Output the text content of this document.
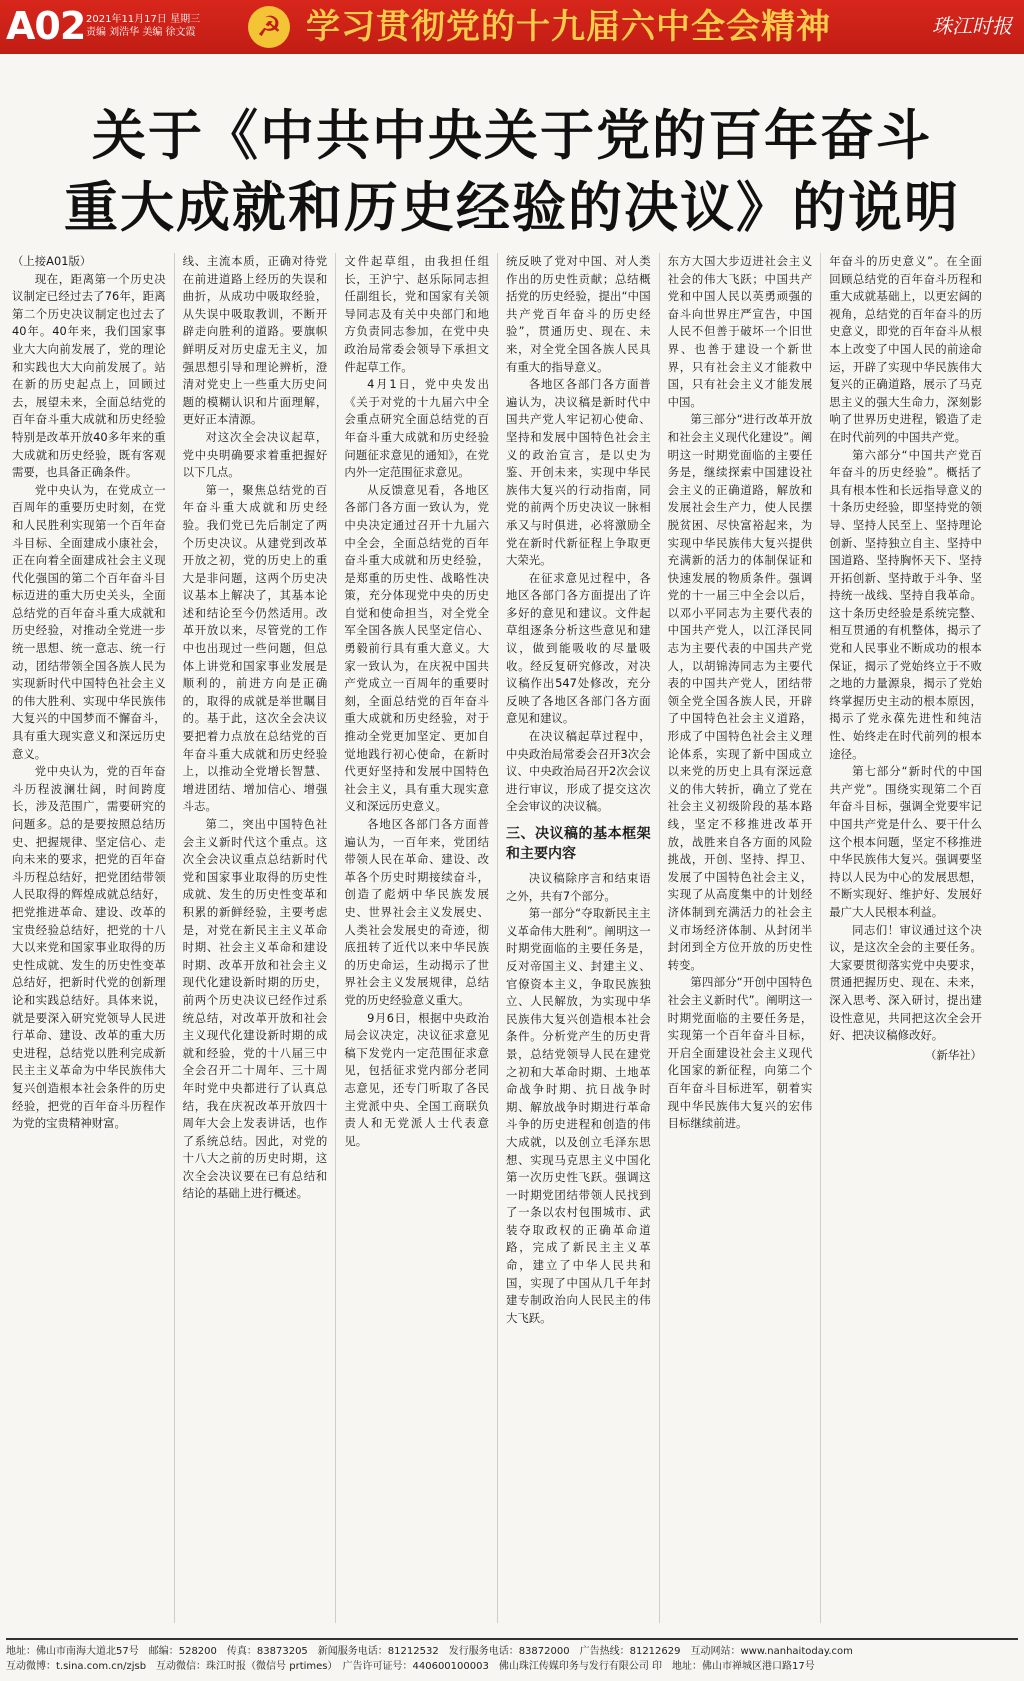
A02 2021年11月17日 星期三
责编 刘浩华 美编 徐文霞	☭ 学习贯彻党的十九届六中全会精神	珠江时报
关于《中共中央关于党的百年奋斗
重大成就和历史经验的决议》的说明

（上接A01版）

现在，距离第一个历史决议制定已经过去了76年，距离第二个历史决议制定也过去了40年。40年来，我们国家事业大大向前发展了，党的理论和实践也大大向前发展了。站在新的历史起点上，回顾过去，展望未来，全面总结党的百年奋斗重大成就和历史经验特别是改革开放40多年来的重大成就和历史经验，既有客观需要，也具备正确条件。

党中央认为，在党成立一百周年的重要历史时刻，在党和人民胜利实现第一个百年奋斗目标、全面建成小康社会，正在向着全面建成社会主义现代化强国的第二个百年奋斗目标迈进的重大历史关头，全面总结党的百年奋斗重大成就和历史经验，对推动全党进一步统一思想、统一意志、统一行动，团结带领全国各族人民为实现新时代中国特色社会主义的伟大胜利、实现中华民族伟大复兴的中国梦而不懈奋斗，具有重大现实意义和深远历史意义。

党中央认为，党的百年奋斗历程波澜壮阔，时间跨度长，涉及范围广，需要研究的问题多。总的是要按照总结历史、把握规律、坚定信心、走向未来的要求，把党的百年奋斗历程总结好，把党团结带领人民取得的辉煌成就总结好，把党推进革命、建设、改革的宝贵经验总结好，把党的十八大以来党和国家事业取得的历史性成就、发生的历史性变革总结好，把新时代党的创新理论和实践总结好。具体来说，就是要深入研究党领导人民进行革命、建设、改革的重大历史进程，总结党以胜利完成新民主主义革命为中华民族伟大复兴创造根本社会条件的历史经验，把党的百年奋斗历程作为党的宝贵精神财富。

线、主流本质，正确对待党在前进道路上经历的失误和曲折，从成功中吸取经验，从失误中吸取教训，不断开辟走向胜利的道路。要旗帜鲜明反对历史虚无主义，加强思想引导和理论辨析，澄清对党史上一些重大历史问题的模糊认识和片面理解，更好正本清源。

对这次全会决议起草，党中央明确要求着重把握好以下几点。

第一，聚焦总结党的百年奋斗重大成就和历史经验。我们党已先后制定了两个历史决议。从建党到改革开放之初，党的历史上的重大是非问题，这两个历史决议基本上解决了，其基本论述和结论至今仍然适用。改革开放以来，尽管党的工作中也出现过一些问题，但总体上讲党和国家事业发展是顺利的，前进方向是正确的，取得的成就是举世瞩目的。基于此，这次全会决议要把着力点放在总结党的百年奋斗重大成就和历史经验上，以推动全党增长智慧、增进团结、增加信心、增强斗志。

第二，突出中国特色社会主义新时代这个重点。这次全会决议重点总结新时代党和国家事业取得的历史性成就、发生的历史性变革和积累的新鲜经验，主要考虑是，对党在新民主主义革命时期、社会主义革命和建设时期、改革开放和社会主义现代化建设新时期的历史，前两个历史决议已经作过系统总结，对改革开放和社会主义现代化建设新时期的成就和经验，党的十八届三中全会召开二十周年、三十周年时党中央都进行了认真总结，我在庆祝改革开放四十周年大会上发表讲话，也作了系统总结。因此，对党的十八大之前的历史时期，这次全会决议要在已有总结和结论的基础上进行概述。

文件起草组，由我担任组长，王沪宁、赵乐际同志担任副组长，党和国家有关领导同志及有关中央部门和地方负责同志参加，在党中央政治局常委会领导下承担文件起草工作。

4月1日，党中央发出《关于对党的十九届六中全会重点研究全面总结党的百年奋斗重大成就和历史经验问题征求意见的通知》，在党内外一定范围征求意见。

从反馈意见看，各地区各部门各方面一致认为，党中央决定通过召开十九届六中全会，全面总结党的百年奋斗重大成就和历史经验，是郑重的历史性、战略性决策，充分体现党中央的历史自觉和使命担当，对全党全军全国各族人民坚定信心、勇毅前行具有重大意义。大家一致认为，在庆祝中国共产党成立一百周年的重要时刻，全面总结党的百年奋斗重大成就和历史经验，对于推动全党更加坚定、更加自觉地践行初心使命，在新时代更好坚持和发展中国特色社会主义，具有重大现实意义和深远历史意义。

各地区各部门各方面普遍认为，一百年来，党团结带领人民在革命、建设、改革各个历史时期接续奋斗，创造了彪炳中华民族发展史、世界社会主义发展史、人类社会发展史的奇迹，彻底扭转了近代以来中华民族的历史命运，生动揭示了世界社会主义发展规律，总结党的历史经验意义重大。

9月6日，根据中央政治局会议决定，决议征求意见稿下发党内一定范围征求意见，包括征求党内部分老同志意见，还专门听取了各民主党派中央、全国工商联负责人和无党派人士代表意见。

统反映了党对中国、对人类作出的历史性贡献；总结概括党的历史经验，提出“中国共产党百年奋斗的历史经验”，贯通历史、现在、未来，对全党全国各族人民具有重大的指导意义。

各地区各部门各方面普遍认为，决议稿是新时代中国共产党人牢记初心使命、坚持和发展中国特色社会主义的政治宣言，是以史为鉴、开创未来，实现中华民族伟大复兴的行动指南，同党的前两个历史决议一脉相承又与时俱进，必将激励全党在新时代新征程上争取更大荣光。

在征求意见过程中，各地区各部门各方面提出了许多好的意见和建议。文件起草组逐条分析这些意见和建议，做到能吸收的尽量吸收。经反复研究修改，对决议稿作出547处修改，充分反映了各地区各部门各方面意见和建议。

在决议稿起草过程中，中央政治局常委会召开3次会议、中央政治局召开2次会议进行审议，形成了提交这次全会审议的决议稿。

三、决议稿的基本框架和主要内容

决议稿除序言和结束语之外，共有7个部分。

第一部分“夺取新民主主义革命伟大胜利”。阐明这一时期党面临的主要任务是，反对帝国主义、封建主义、官僚资本主义，争取民族独立、人民解放，为实现中华民族伟大复兴创造根本社会条件。分析党产生的历史背景，总结党领导人民在建党之初和大革命时期、土地革命战争时期、抗日战争时期、解放战争时期进行革命斗争的历史进程和创造的伟大成就，以及创立毛泽东思想、实现马克思主义中国化第一次历史性飞跃。强调这一时期党团结带领人民找到了一条以农村包围城市、武装夺取政权的正确革命道路，完成了新民主主义革命，建立了中华人民共和国，实现了中国从几千年封建专制政治向人民民主的伟大飞跃。

东方大国大步迈进社会主义社会的伟大飞跃；中国共产党和中国人民以英勇顽强的奋斗向世界庄严宣告，中国人民不但善于破坏一个旧世界、也善于建设一个新世界，只有社会主义才能救中国，只有社会主义才能发展中国。

第三部分“进行改革开放和社会主义现代化建设”。阐明这一时期党面临的主要任务是，继续探索中国建设社会主义的正确道路，解放和发展社会生产力，使人民摆脱贫困、尽快富裕起来，为实现中华民族伟大复兴提供充满新的活力的体制保证和快速发展的物质条件。强调党的十一届三中全会以后，以邓小平同志为主要代表的中国共产党人，以江泽民同志为主要代表的中国共产党人，以胡锦涛同志为主要代表的中国共产党人，团结带领全党全国各族人民，开辟了中国特色社会主义道路，形成了中国特色社会主义理论体系，实现了新中国成立以来党的历史上具有深远意义的伟大转折，确立了党在社会主义初级阶段的基本路线，坚定不移推进改革开放，战胜来自各方面的风险挑战，开创、坚持、捍卫、发展了中国特色社会主义，实现了从高度集中的计划经济体制到充满活力的社会主义市场经济体制、从封闭半封闭到全方位开放的历史性转变。

第四部分“开创中国特色社会主义新时代”。阐明这一时期党面临的主要任务是，实现第一个百年奋斗目标，开启全面建设社会主义现代化国家的新征程，向第二个百年奋斗目标进军，朝着实现中华民族伟大复兴的宏伟目标继续前进。

年奋斗的历史意义”。在全面回顾总结党的百年奋斗历程和重大成就基础上，以更宏阔的视角，总结党的百年奋斗的历史意义，即党的百年奋斗从根本上改变了中国人民的前途命运，开辟了实现中华民族伟大复兴的正确道路，展示了马克思主义的强大生命力，深刻影响了世界历史进程，锻造了走在时代前列的中国共产党。

第六部分“中国共产党百年奋斗的历史经验”。概括了具有根本性和长远指导意义的十条历史经验，即坚持党的领导、坚持人民至上、坚持理论创新、坚持独立自主、坚持中国道路、坚持胸怀天下、坚持开拓创新、坚持敢于斗争、坚持统一战线、坚持自我革命。这十条历史经验是系统完整、相互贯通的有机整体，揭示了党和人民事业不断成功的根本保证，揭示了党始终立于不败之地的力量源泉，揭示了党始终掌握历史主动的根本原因，揭示了党永葆先进性和纯洁性、始终走在时代前列的根本途径。

第七部分“新时代的中国共产党”。围绕实现第二个百年奋斗目标，强调全党要牢记中国共产党是什么、要干什么这个根本问题，坚定不移推进中华民族伟大复兴。强调要坚持以人民为中心的发展思想，不断实现好、维护好、发展好最广大人民根本利益。

同志们！审议通过这个决议，是这次全会的主要任务。大家要贯彻落实党中央要求，贯通把握历史、现在、未来，深入思考、深入研讨，提出建设性意见，共同把这次全会开好、把决议稿修改好。

（新华社）

地址：佛山市南海大道北57号　邮编：528200　传真：83873205　新闻服务电话：81212532　发行服务电话：83872000　广告热线：81212629　互动网站：www.nanhaitoday.com
互动微博：t.sina.com.cn/zjsb　互动微信：珠江时报（微信号 prtimes）　广告许可证号：440600100003　佛山珠江传媒印务与发行有限公司 印　地址：佛山市禅城区港口路17号
